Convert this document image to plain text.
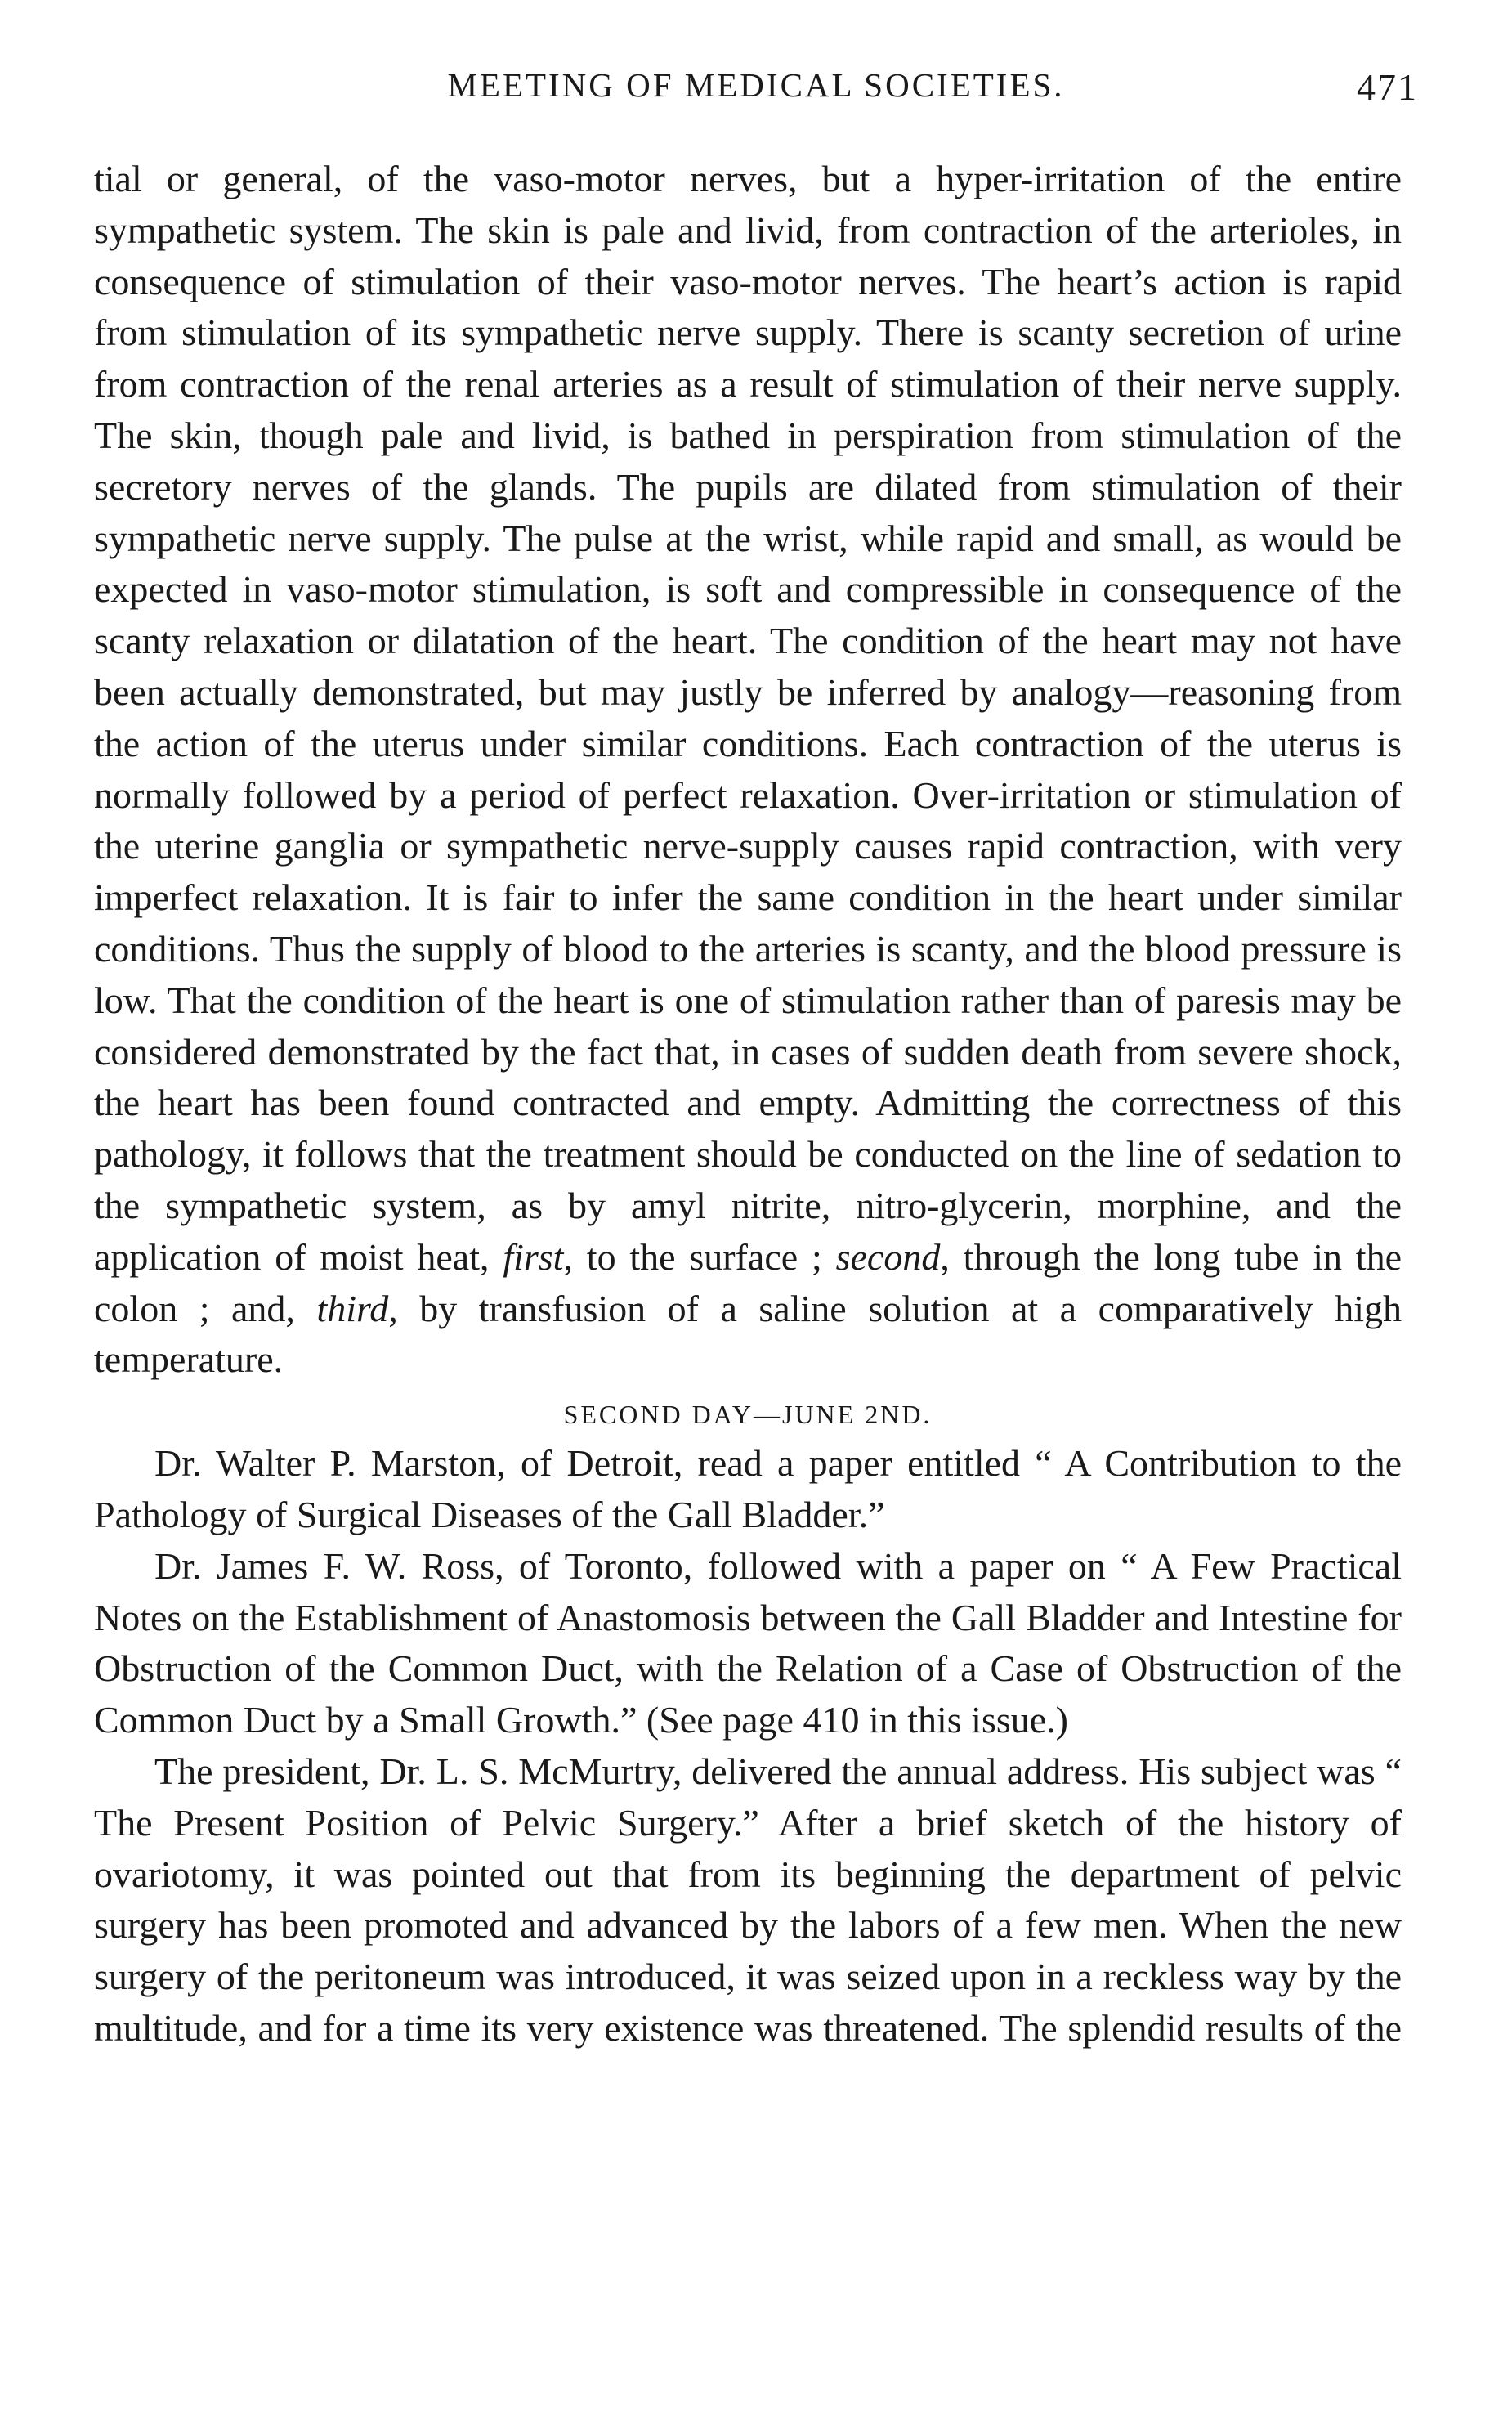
MEETING OF MEDICAL SOCIETIES.	471

tial or general, of the vaso-motor nerves, but a hyper-irritation of the entire sympathetic system. The skin is pale and livid, from contraction of the arterioles, in consequence of stimulation of their vaso-motor nerves. The heart’s action is rapid from stimulation of its sympathetic nerve supply. There is scanty secretion of urine from contraction of the renal arteries as a result of stimulation of their nerve supply. The skin, though pale and livid, is bathed in perspiration from stimulation of the secretory nerves of the glands. The pupils are dilated from stimulation of their sympathetic nerve supply. The pulse at the wrist, while rapid and small, as would be expected in vaso-motor stimulation, is soft and compressible in consequence of the scanty relaxation or dilatation of the heart. The condition of the heart may not have been actually demonstrated, but may justly be inferred by analogy—reasoning from the action of the uterus under similar conditions. Each contraction of the uterus is normally followed by a period of perfect relaxation. Over-irritation or stimulation of the uterine ganglia or sympathetic nerve-supply causes rapid contraction, with very imperfect relaxation. It is fair to infer the same condition in the heart under similar conditions. Thus the supply of blood to the arteries is scanty, and the blood pressure is low. That the condition of the heart is one of stimulation rather than of paresis may be considered demonstrated by the fact that, in cases of sudden death from severe shock, the heart has been found contracted and empty. Admitting the correctness of this pathology, it follows that the treatment should be conducted on the line of sedation to the sympathetic system, as by amyl nitrite, nitro-glycerin, morphine, and the application of moist heat, first, to the surface ; second, through the long tube in the colon ; and, third, by transfusion of a saline solution at a comparatively high temperature.

SECOND DAY—JUNE 2ND.

Dr. Walter P. Marston, of Detroit, read a paper entitled “ A Contribution to the Pathology of Surgical Diseases of the Gall Bladder.”

Dr. James F. W. Ross, of Toronto, followed with a paper on “ A Few Practical Notes on the Establishment of Anastomosis between the Gall Bladder and Intestine for Obstruction of the Common Duct, with the Relation of a Case of Obstruction of the Common Duct by a Small Growth.” (See page 410 in this issue.)

The president, Dr. L. S. McMurtry, delivered the annual address. His subject was “ The Present Position of Pelvic Surgery.” After a brief sketch of the history of ovariotomy, it was pointed out that from its beginning the department of pelvic surgery has been promoted and advanced by the labors of a few men. When the new surgery of the peritoneum was introduced, it was seized upon in a reckless way by the multitude, and for a time its very existence was threatened. The splendid results of the
